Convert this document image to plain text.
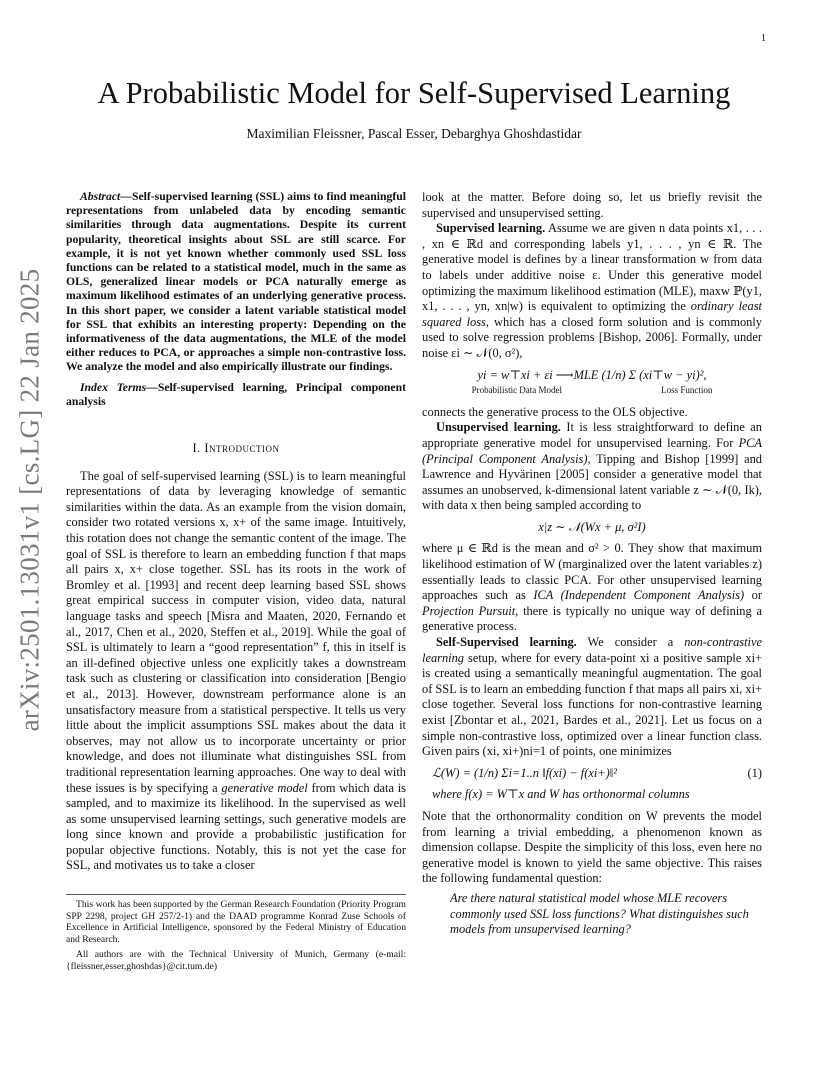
1
arXiv:2501.13031v1 [cs.LG] 22 Jan 2025
A Probabilistic Model for Self-Supervised Learning
Maximilian Fleissner, Pascal Esser, Debarghya Ghoshdastidar

Abstract—Self-supervised learning (SSL) aims to find meaningful representations from unlabeled data by encoding semantic similarities through data augmentations. Despite its current popularity, theoretical insights about SSL are still scarce. For example, it is not yet known whether commonly used SSL loss functions can be related to a statistical model, much in the same as OLS, generalized linear models or PCA naturally emerge as maximum likelihood estimates of an underlying generative process. In this short paper, we consider a latent variable statistical model for SSL that exhibits an interesting property: Depending on the informativeness of the data augmentations, the MLE of the model either reduces to PCA, or approaches a simple non-contrastive loss. We analyze the model and also empirically illustrate our findings.

Index Terms—Self-supervised learning, Principal component analysis

I. Introduction

The goal of self-supervised learning (SSL) is to learn meaningful representations of data by leveraging knowledge of semantic similarities within the data. As an example from the vision domain, consider two rotated versions x, x+ of the same image. Intuitively, this rotation does not change the semantic content of the image. The goal of SSL is therefore to learn an embedding function f that maps all pairs x, x+ close together. SSL has its roots in the work of Bromley et al. [1993] and recent deep learning based SSL shows great empirical success in computer vision, video data, natural language tasks and speech [Misra and Maaten, 2020, Fernando et al., 2017, Chen et al., 2020, Steffen et al., 2019]. While the goal of SSL is ultimately to learn a “good representation” f, this in itself is an ill-defined objective unless one explicitly takes a downstream task such as clustering or classification into consideration [Bengio et al., 2013]. However, downstream performance alone is an unsatisfactory measure from a statistical perspective. It tells us very little about the implicit assumptions SSL makes about the data it observes, may not allow us to incorporate uncertainty or prior knowledge, and does not illuminate what distinguishes SSL from traditional representation learning approaches. One way to deal with these issues is by specifying a generative model from which data is sampled, and to maximize its likelihood. In the supervised as well as some unsupervised learning settings, such generative models are long since known and provide a probabilistic justification for popular objective functions. Notably, this is not yet the case for SSL, and motivates us to take a closer

This work has been supported by the German Research Foundation (Priority Program SPP 2298, project GH 257/2-1) and the DAAD programme Konrad Zuse Schools of Excellence in Artificial Intelligence, sponsored by the Federal Ministry of Education and Research.

All authors are with the Technical University of Munich, Germany (e-mail: {fleissner,esser,ghoshdas}@cit.tum.de)

look at the matter. Before doing so, let us briefly revisit the supervised and unsupervised setting.

Supervised learning. Assume we are given n data points x1, . . . , xn ∈ ℝd and corresponding labels y1, . . . , yn ∈ ℝ. The generative model is defines by a linear transformation w from data to labels under additive noise ε. Under this generative model optimizing the maximum likelihood estimation (MLE), maxw ℙ(y1, x1, . . . , yn, xn|w) is equivalent to optimizing the ordinary least squared loss, which has a closed form solution and is commonly used to solve regression problems [Bishop, 2006]. Formally, under noise εi ∼ 𝒩(0, σ²),

yi = w⊤xi + εi ⟶MLE (1/n) Σ (xi⊤w − yi)²,
Probabilistic Data Model	Loss Function

connects the generative process to the OLS objective.

Unsupervised learning. It is less straightforward to define an appropriate generative model for unsupervised learning. For PCA (Principal Component Analysis), Tipping and Bishop [1999] and Lawrence and Hyvärinen [2005] consider a generative model that assumes an unobserved, k-dimensional latent variable z ∼ 𝒩(0, Ik), with data x then being sampled according to

x|z ∼ 𝒩(Wx + μ, σ²I)

where μ ∈ ℝd is the mean and σ² > 0. They show that maximum likelihood estimation of W (marginalized over the latent variables z) essentially leads to classic PCA. For other unsupervised learning approaches such as ICA (Independent Component Analysis) or Projection Pursuit, there is typically no unique way of defining a generative process.

Self-Supervised learning. We consider a non-contrastive learning setup, where for every data-point xi a positive sample xi+ is created using a semantically meaningful augmentation. The goal of SSL is to learn an embedding function f that maps all pairs xi, xi+ close together. Several loss functions for non-contrastive learning exist [Zbontar et al., 2021, Bardes et al., 2021]. Let us focus on a simple non-contrastive loss, optimized over a linear function class. Given pairs (xi, xi+)ni=1 of points, one minimizes

ℒ(W) = (1/n) Σi=1..n ‖f(xi) − f(xi+)‖²	(1)
where f(x) = W⊤x and W has orthonormal columns

Note that the orthonormality condition on W prevents the model from learning a trivial embedding, a phenomenon known as dimension collapse. Despite the simplicity of this loss, even here no generative model is known to yield the same objective. This raises the following fundamental question:

Are there natural statistical model whose MLE recovers commonly used SSL loss functions? What distinguishes such models from unsupervised learning?
